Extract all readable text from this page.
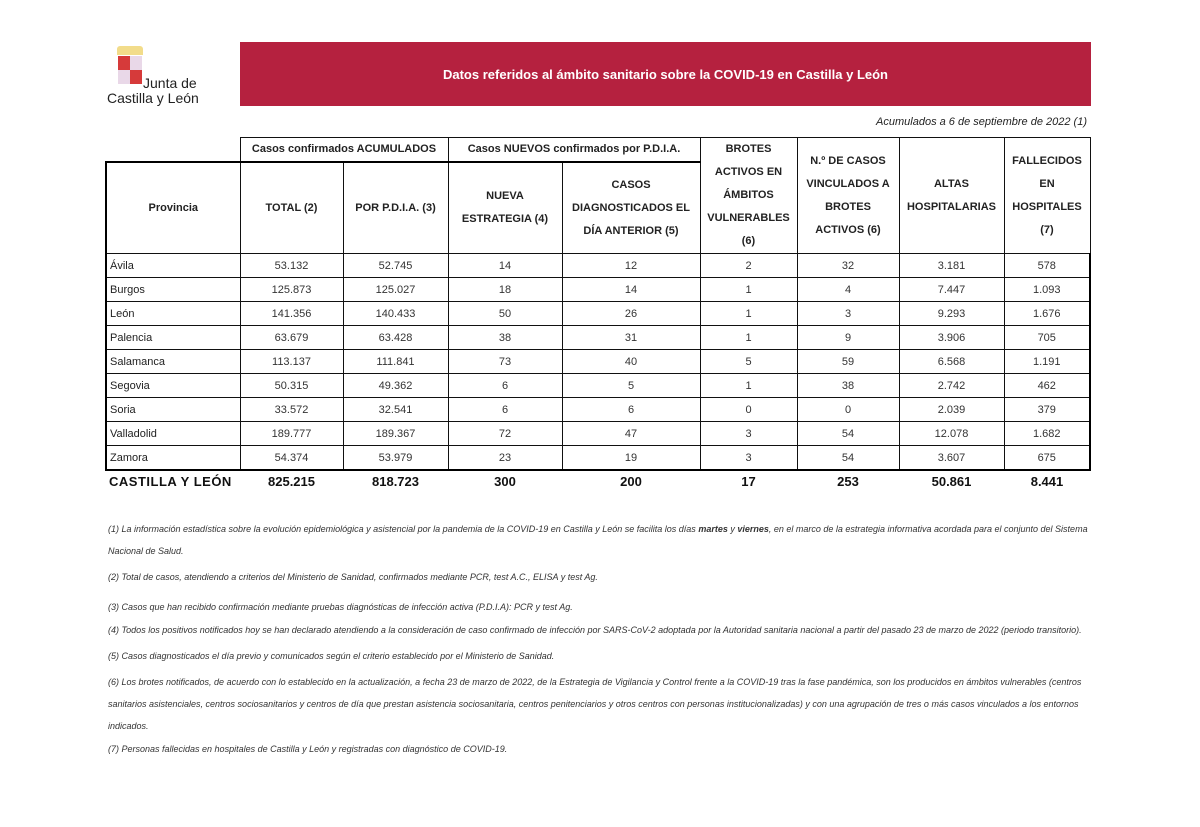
Junta de
Castilla y León
Datos referidos al ámbito sanitario sobre la COVID-19 en Castilla y León
Acumulados a 6 de septiembre de 2022 (1)
	Casos confirmados ACUMULADOS		Casos NUEVOS confirmados por P.D.I.A.		BROTES ACTIVOS EN ÁMBITOS VULNERABLES (6)	N.º DE CASOS VINCULADOS A BROTES ACTIVOS (6)	ALTAS HOSPITALARIAS	FALLECIDOS EN HOSPITALES (7)
Provincia	TOTAL (2)	POR P.D.I.A. (3)	NUEVA ESTRATEGIA (4)	CASOS DIAGNOSTICADOS EL DÍA ANTERIOR (5)				
Ávila	53.132	52.745	14	12	2	32	3.181	578
Burgos	125.873	125.027	18	14	1	4	7.447	1.093
León	141.356	140.433	50	26	1	3	9.293	1.676
Palencia	63.679	63.428	38	31	1	9	3.906	705
Salamanca	113.137	111.841	73	40	5	59	6.568	1.191
Segovia	50.315	49.362	6	5	1	38	2.742	462
Soria	33.572	32.541	6	6	0	0	2.039	379
Valladolid	189.777	189.367	72	47	3	54	12.078	1.682
Zamora	54.374	53.979	23	19	3	54	3.607	675
CASTILLA Y LEÓN	825.215	818.723	300	200	17	253	50.861	8.441

(1) La información estadística sobre la evolución epidemiológica y asistencial por la pandemia de la COVID-19 en Castilla y León se facilita los días martes y viernes, en el marco de la estrategia informativa acordada para el conjunto del Sistema Nacional de Salud.

(2) Total de casos, atendiendo a criterios del Ministerio de Sanidad, confirmados mediante PCR, test A.C., ELISA y test Ag.

(3) Casos que han recibido confirmación mediante pruebas diagnósticas de infección activa (P.D.I.A): PCR y test Ag.

(4) Todos los positivos notificados hoy se han declarado atendiendo a la consideración de caso confirmado de infección por SARS-CoV-2 adoptada por la Autoridad sanitaria nacional a partir del pasado 23 de marzo de 2022 (periodo transitorio).

(5) Casos diagnosticados el día previo y comunicados según el criterio establecido por el Ministerio de Sanidad.

(6) Los brotes notificados, de acuerdo con lo establecido en la actualización, a fecha 23 de marzo de 2022, de la Estrategia de Vigilancia y Control frente a la COVID-19 tras la fase pandémica, son los producidos en ámbitos vulnerables (centros sanitarios asistenciales, centros sociosanitarios y centros de día que prestan asistencia sociosanitaria, centros penitenciarios y otros centros con personas institucionalizadas) y con una agrupación de tres o más casos vinculados a los entornos indicados.

(7) Personas fallecidas en hospitales de Castilla y León y registradas con diagnóstico de COVID-19.
